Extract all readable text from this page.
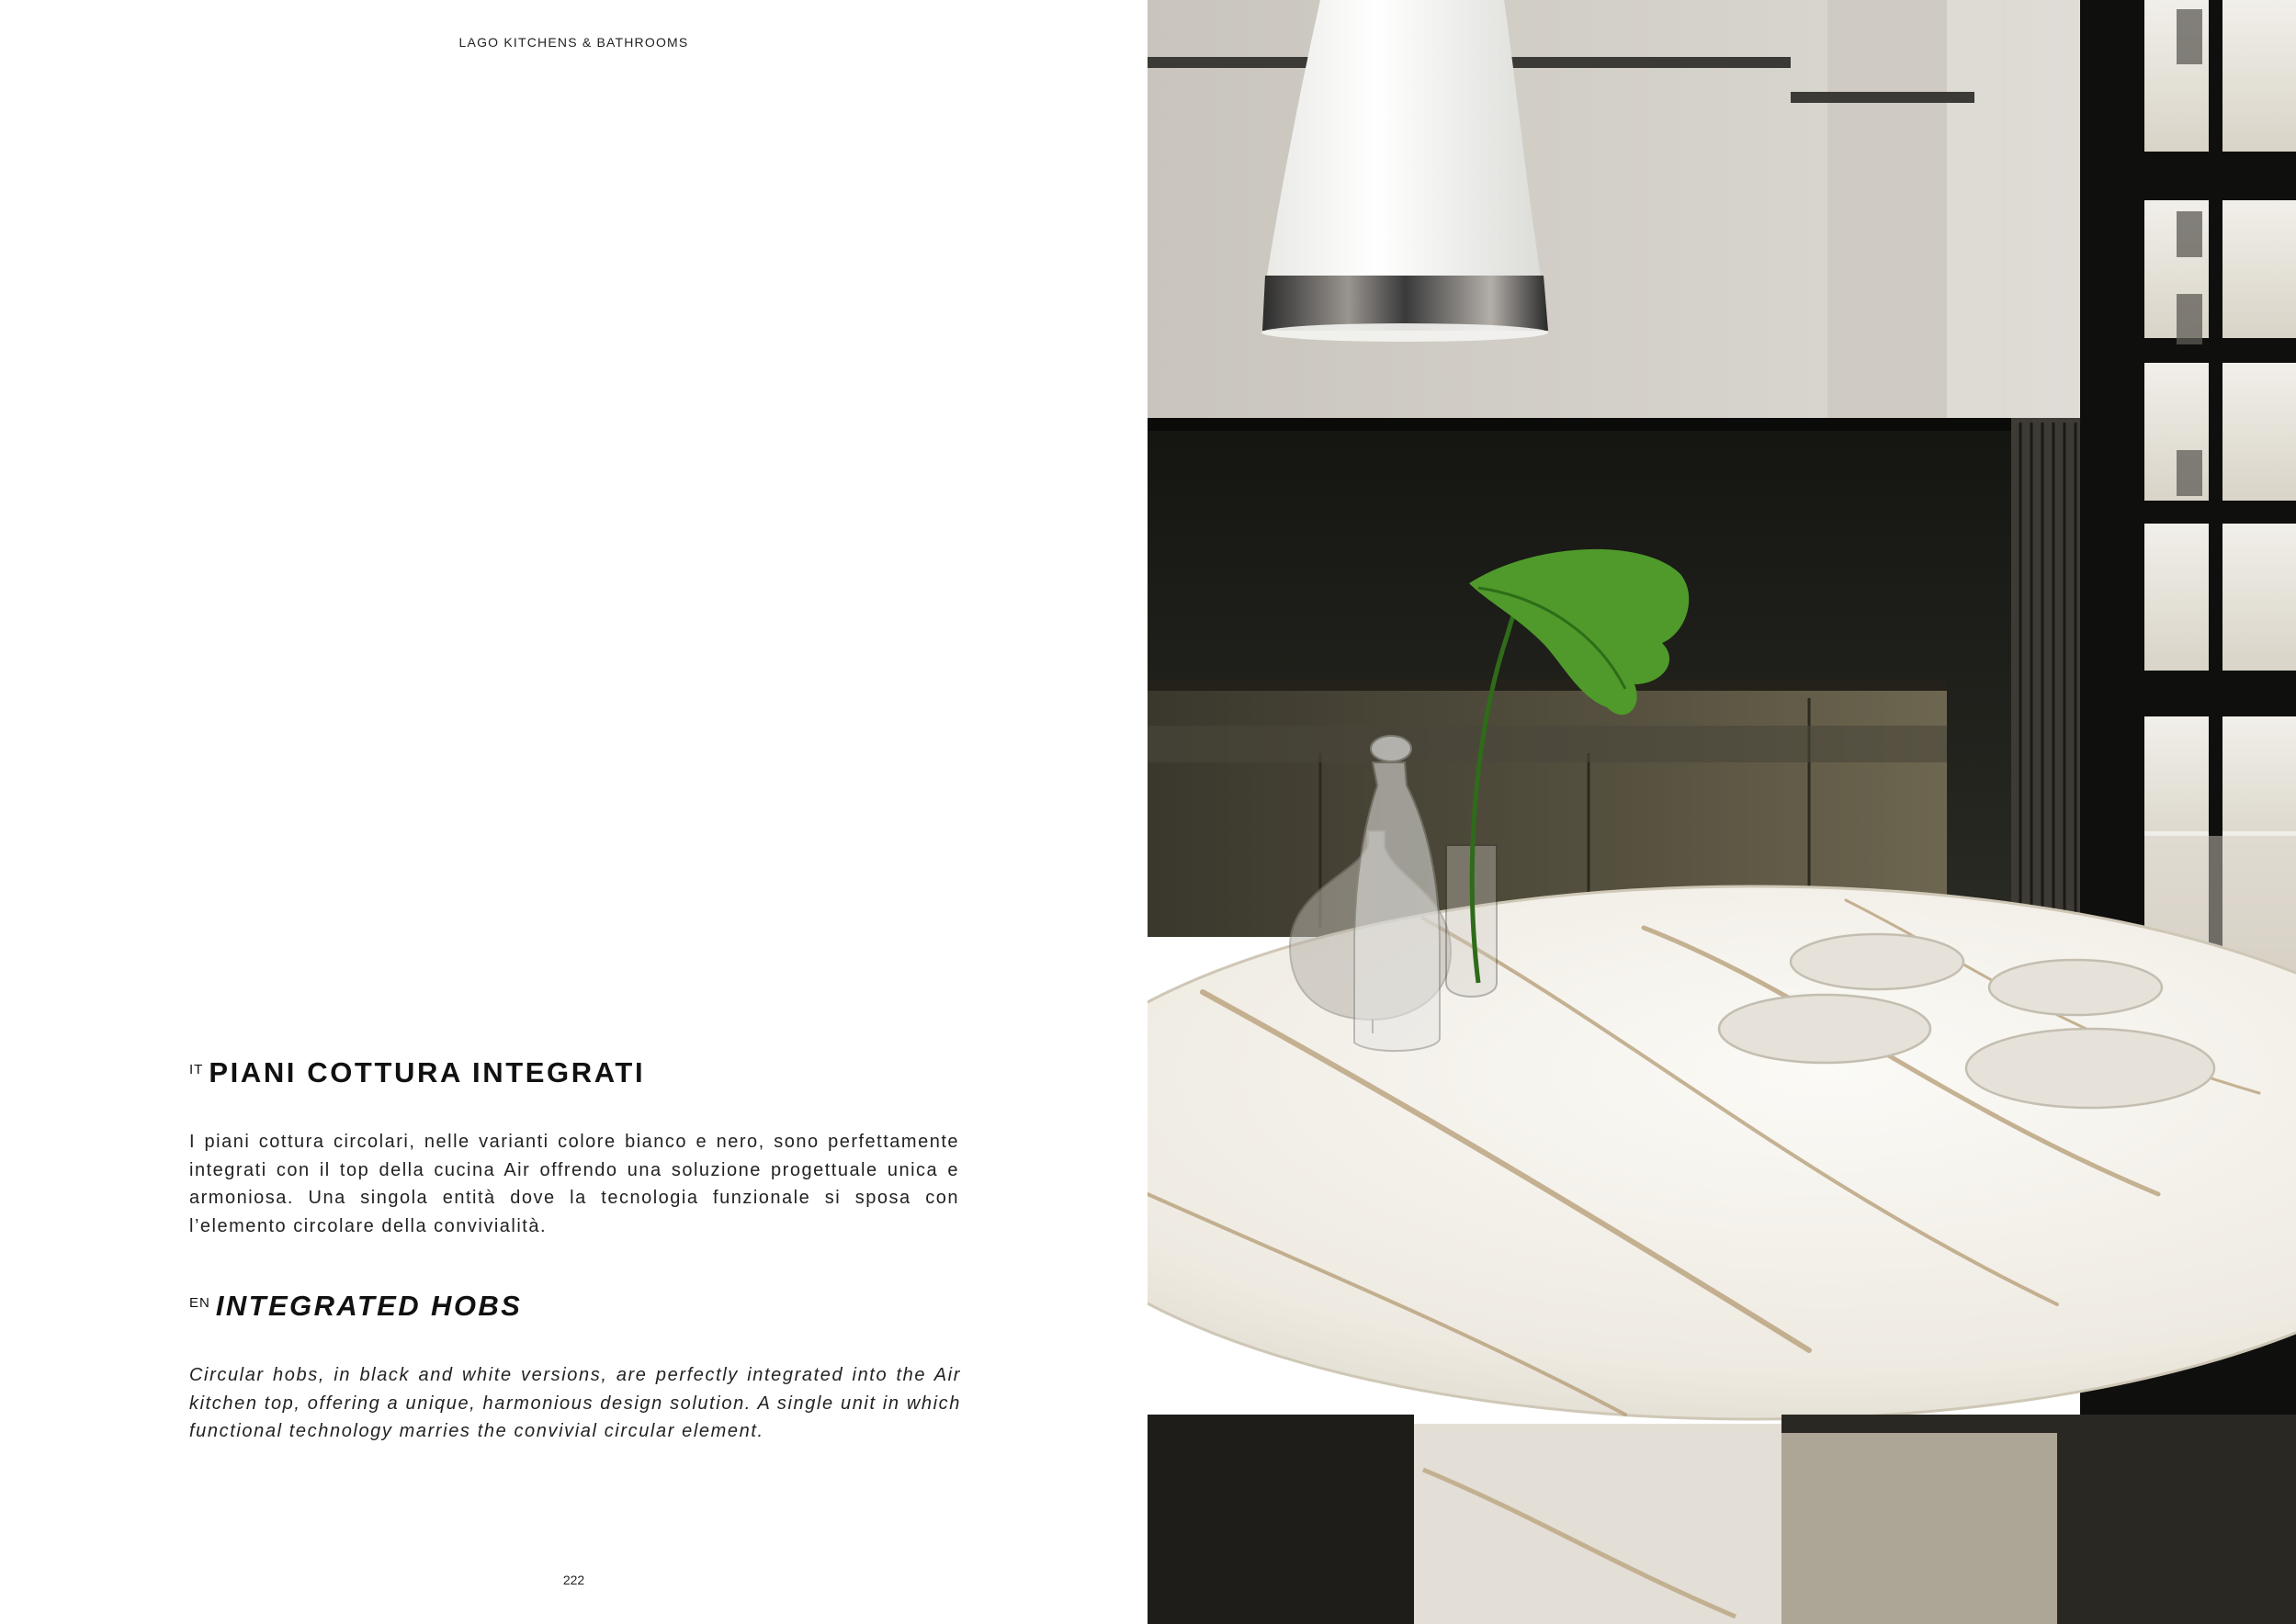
LAGO KITCHENS & BATHROOMS
IT PIANI COTTURA INTEGRATI
I piani cottura circolari, nelle varianti colore bianco e nero, sono perfettamente integrati con il top della cucina Air offrendo una soluzione progettuale unica e armoniosa. Una singola entità dove la tecnologia funzionale si sposa con l’elemento circolare della convivialità.
EN INTEGRATED HOBS
Circular hobs, in black and white versions, are perfectly integrated into the Air kitchen top, offering a unique, harmonious design solution. A single unit in which functional technology marries the convivial circular element.
222
